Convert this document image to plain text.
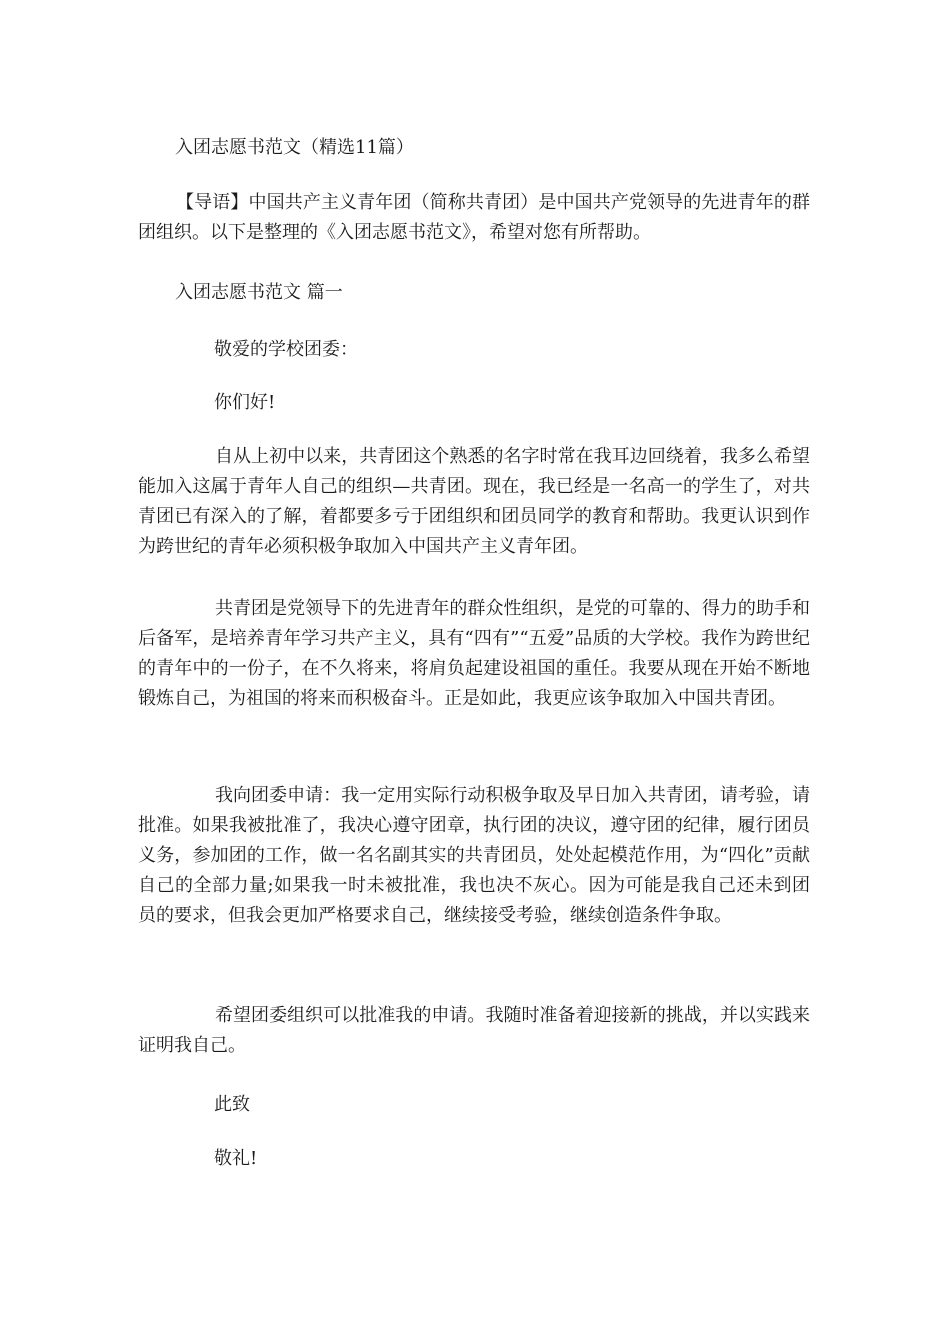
入团志愿书范文（精选11篇）

【导语】中国共产主义青年团（简称共青团）是中国共产党领导的先进青年的群团组织。以下是整理的《入团志愿书范文》，希望对您有所帮助。

入团志愿书范文 篇一

敬爱的学校团委：

你们好!

自从上初中以来，共青团这个熟悉的名字时常在我耳边回绕着，我多么希望能加入这属于青年人自己的组织—共青团。现在，我已经是一名高一的学生了，对共青团已有深入的了解，着都要多亏于团组织和团员同学的教育和帮助。我更认识到作为跨世纪的青年必须积极争取加入中国共产主义青年团。

共青团是党领导下的先进青年的群众性组织，是党的可靠的、得力的助手和后备军，是培养青年学习共产主义，具有“四有”“五爱”品质的大学校。我作为跨世纪的青年中的一份子，在不久将来，将肩负起建设祖国的重任。我要从现在开始不断地锻炼自己，为祖国的将来而积极奋斗。正是如此，我更应该争取加入中国共青团。

我向团委申请：我一定用实际行动积极争取及早日加入共青团，请考验，请批准。如果我被批准了，我决心遵守团章，执行团的决议，遵守团的纪律，履行团员义务，参加团的工作，做一名名副其实的共青团员，处处起模范作用，为“四化”贡献自己的全部力量;如果我一时未被批准，我也决不灰心。因为可能是我自己还未到团员的要求，但我会更加严格要求自己，继续接受考验，继续创造条件争取。

希望团委组织可以批准我的申请。我随时准备着迎接新的挑战，并以实践来证明我自己。

此致

敬礼!
